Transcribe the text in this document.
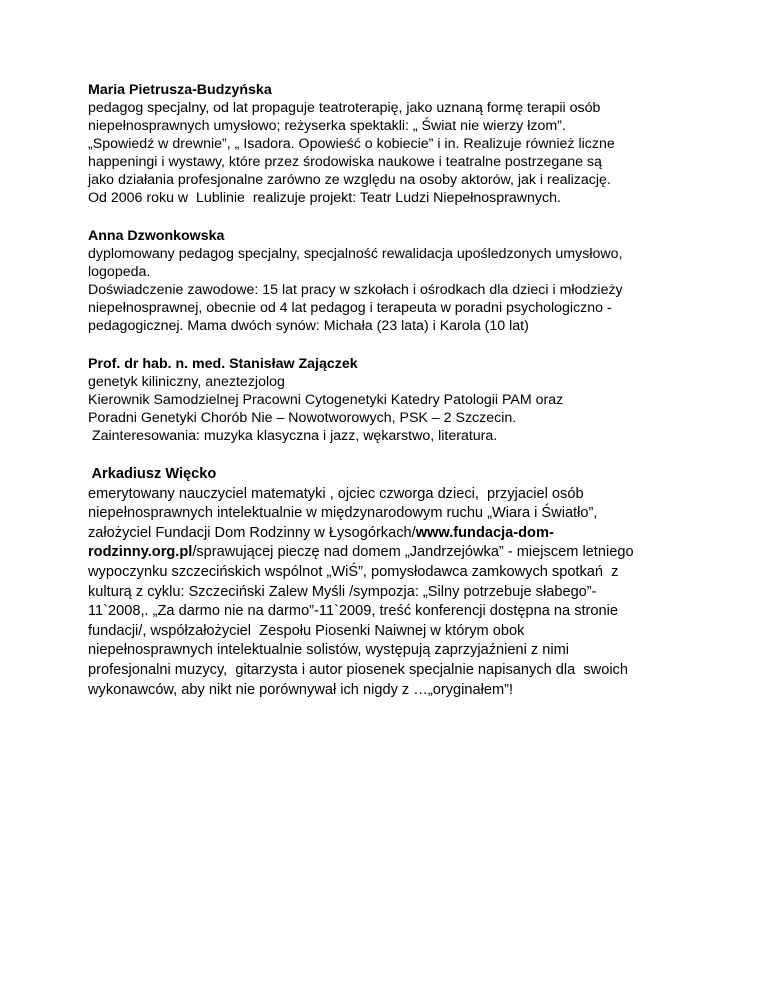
Maria Pietrusza-Budzyńska

pedagog specjalny, od lat propaguje teatroterapię, jako uznaną formę terapii osób

niepełnosprawnych umysłowo; reżyserka spektakli: „ Świat nie wierzy łzom”.

„Spowiedź w drewnie”, „ Isadora. Opowieść o kobiecie” i in. Realizuje również liczne

happeningi i wystawy, które przez środowiska naukowe i teatralne postrzegane są

jako działania profesjonalne zarówno ze względu na osoby aktorów, jak i realizację.

Od 2006 roku w  Lublinie  realizuje projekt: Teatr Ludzi Niepełnosprawnych.

Anna Dzwonkowska

dyplomowany pedagog specjalny, specjalność rewalidacja upośledzonych umysłowo,

logopeda.

Doświadczenie zawodowe: 15 lat pracy w szkołach i ośrodkach dla dzieci i młodzieży

niepełnosprawnej, obecnie od 4 lat pedagog i terapeuta w poradni psychologiczno -

pedagogicznej. Mama dwóch synów: Michała (23 lata) i Karola (10 lat)

Prof. dr hab. n. med. Stanisław Zajączek

genetyk kiliniczny, aneztezjolog

Kierownik Samodzielnej Pracowni Cytogenetyki Katedry Patologii PAM oraz

Poradni Genetyki Chorób Nie – Nowotworowych, PSK – 2 Szczecin.

Zainteresowania: muzyka klasyczna i jazz, wękarstwo, literatura.

Arkadiusz Więcko

emerytowany nauczyciel matematyki , ojciec czworga dzieci,  przyjaciel osób

niepełnosprawnych intelektualnie w międzynarodowym ruchu „Wiara i Światło”,

założyciel Fundacji Dom Rodzinny w Łysogórkach/www.fundacja-dom-

rodzinny.org.pl/sprawującej pieczę nad domem „Jandrzejówka” - miejscem letniego

wypoczynku szczecińskich wspólnot „WiŚ”, pomysłodawca zamkowych spotkań  z

kulturą z cyklu: Szczeciński Zalew Myśli /sympozja: „Silny potrzebuje słabego”-

11`2008,. „Za darmo nie na darmo”-11`2009, treść konferencji dostępna na stronie

fundacji/, współzałożyciel  Zespołu Piosenki Naiwnej w którym obok

niepełnosprawnych intelektualnie solistów, występują zaprzyjaźnieni z nimi

profesjonalni muzycy,  gitarzysta i autor piosenek specjalnie napisanych dla  swoich

wykonawców, aby nikt nie porównywał ich nigdy z …„oryginałem”!
